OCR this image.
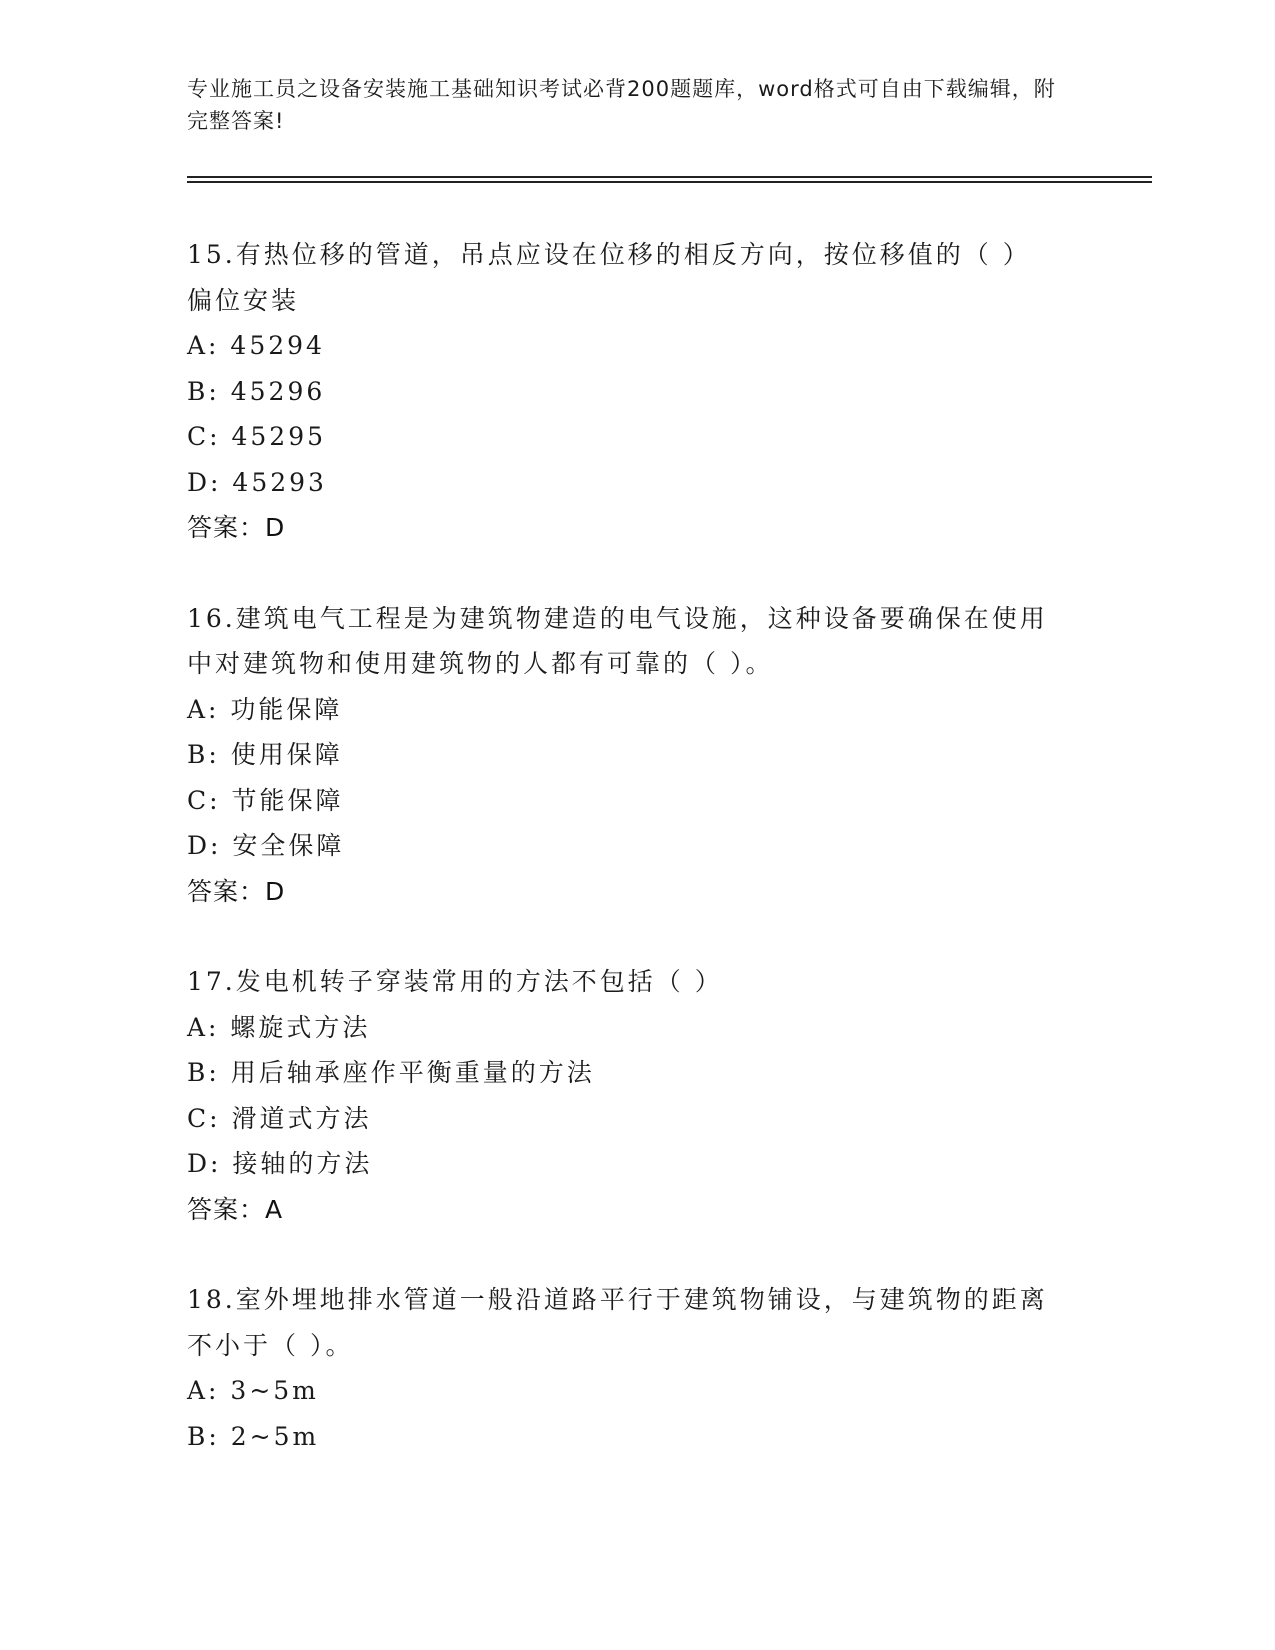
专业施工员之设备安装施工基础知识考试必背200题题库，word格式可自由下载编辑，附完整答案!
15.有热位移的管道，吊点应设在位移的相反方向，按位移值的（ ）
偏位安装
A: 45294
B: 45296
C: 45295
D: 45293
答案：D
16.建筑电气工程是为建筑物建造的电气设施，这种设备要确保在使用
中对建筑物和使用建筑物的人都有可靠的（ ）。
A: 功能保障
B: 使用保障
C: 节能保障
D: 安全保障
答案：D
17.发电机转子穿装常用的方法不包括（ ）
A: 螺旋式方法
B: 用后轴承座作平衡重量的方法
C: 滑道式方法
D: 接轴的方法
答案：A
18.室外埋地排水管道一般沿道路平行于建筑物铺设，与建筑物的距离
不小于（ ）。
A: 3~5m
B: 2~5m
